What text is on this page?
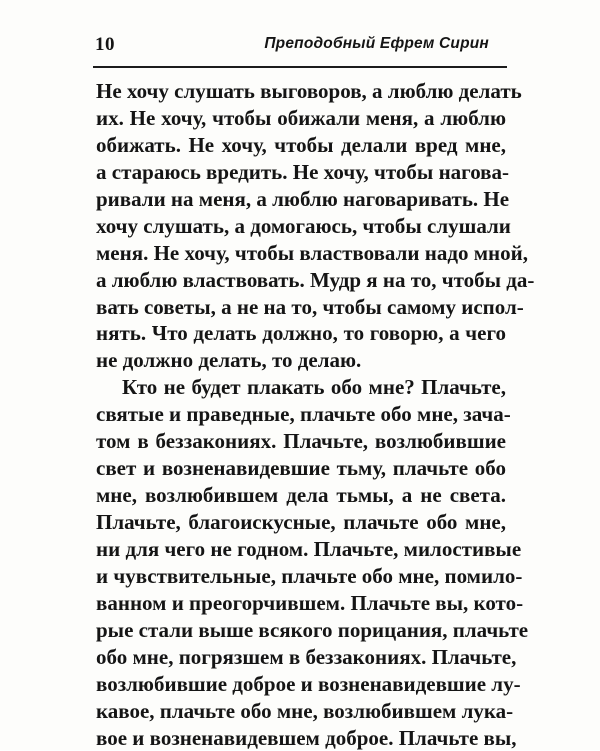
10	Преподобный Ефрем Сирин
Не хочу слушать выговоров, а люблю делать
их. Не хочу, чтобы обижали меня, а люблю
обижать. Не хочу, чтобы делали вред мне,
а стараюсь вредить. Не хочу, чтобы нагова-
ривали на меня, а люблю наговаривать. Не
хочу слушать, а домогаюсь, чтобы слушали
меня. Не хочу, чтобы властвовали надо мной,
а люблю властвовать. Мудр я на то, чтобы да-
вать советы, а не на то, чтобы самому испол-
нять. Что делать должно, то говорю, а чего
не должно делать, то делаю.
Кто не будет плакать обо мне? Плачьте,
святые и праведные, плачьте обо мне, зача-
том в беззакониях. Плачьте, возлюбившие
свет и возненавидевшие тьму, плачьте обо
мне, возлюбившем дела тьмы, а не света.
Плачьте, благоискусные, плачьте обо мне,
ни для чего не годном. Плачьте, милостивые
и чувствительные, плачьте обо мне, помило-
ванном и преогорчившем. Плачьте вы, кото-
рые стали выше всякого порицания, плачьте
обо мне, погрязшем в беззакониях. Плачьте,
возлюбившие доброе и возненавидевшие лу-
кавое, плачьте обо мне, возлюбившем лука-
вое и возненавидевшем доброе. Плачьте вы,
